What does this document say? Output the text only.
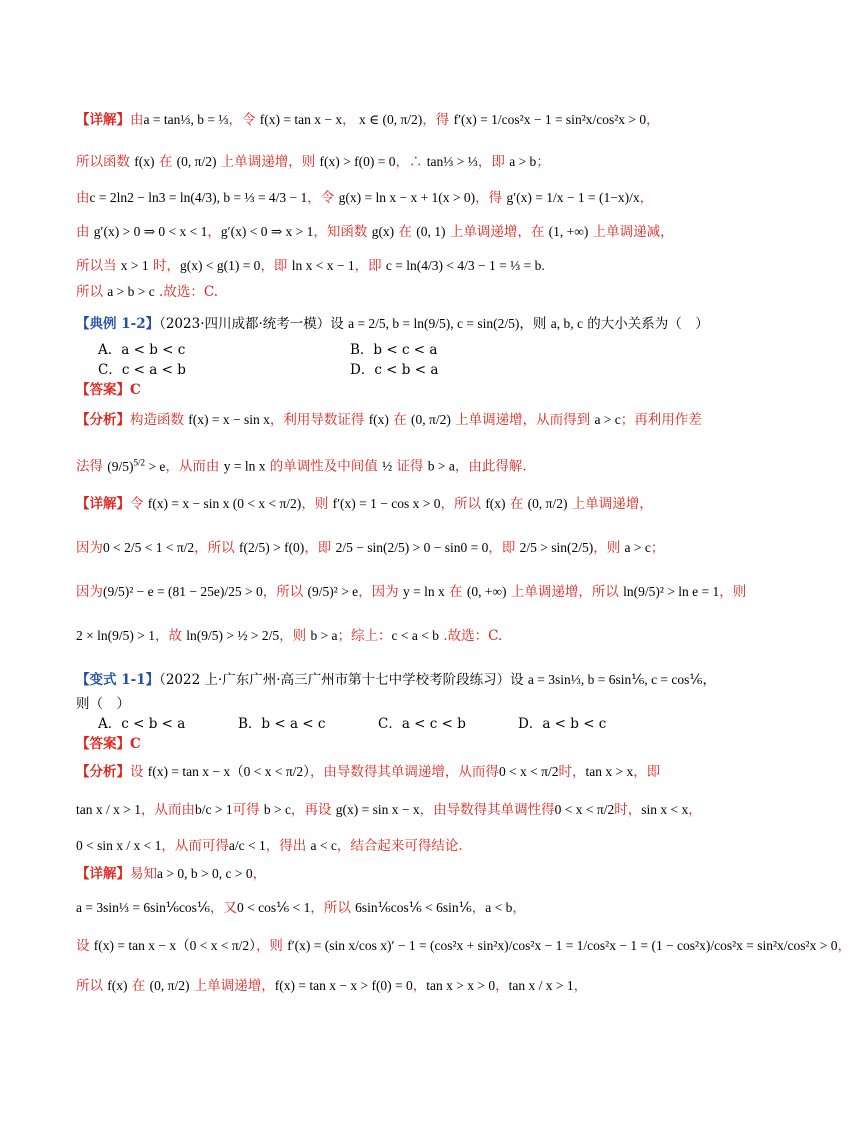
【详解】由a = tan⅓, b = ⅓，令 f(x) = tan x − x， x ∈ (0, π/2)，得 f′(x) = 1/cos²x − 1 = sin²x/cos²x > 0，
所以函数 f(x) 在 (0, π/2) 上单调递增，则 f(x) > f(0) = 0，∴ tan⅓ > ⅓，即 a > b；
由c = 2ln2 − ln3 = ln(4/3), b = ⅓ = 4/3 − 1，令 g(x) = ln x − x + 1(x > 0)，得 g′(x) = 1/x − 1 = (1−x)/x，
由 g′(x) > 0 ⇒ 0 < x < 1，g′(x) < 0 ⇒ x > 1，知函数 g(x) 在 (0, 1) 上单调递增，在 (1, +∞) 上单调递减，
所以当 x > 1 时，g(x) < g(1) = 0，即 ln x < x − 1，即 c = ln(4/3) < 4/3 − 1 = ⅓ = b.
所以 a > b > c .故选：C.
【典例 1-2】（2023·四川成都·统考一模）设 a = 2/5, b = ln(9/5), c = sin(2/5)，则 a, b, c 的大小关系为（　）
A．a < b < c	B．b < c < a
C．c < a < b	D．c < b < a
【答案】C
【分析】构造函数 f(x) = x − sin x，利用导数证得 f(x) 在 (0, π/2) 上单调递增，从而得到 a > c；再利用作差
法得 $(9/5)^{5/2} > e$，从而由 y = ln x 的单调性及中间值 ½ 证得 b > a，由此得解.
【详解】令 f(x) = x − sin x (0 < x < π/2)，则 f′(x) = 1 − cos x > 0，所以 f(x) 在 (0, π/2) 上单调递增，
因为0 < 2/5 < 1 < π/2，所以 f(2/5) > f(0)，即 2/5 − sin(2/5) > 0 − sin0 = 0，即 2/5 > sin(2/5)，则 a > c；
因为(9/5)² − e = (81 − 25e)/25 > 0，所以 (9/5)² > e，因为 y = ln x 在 (0, +∞) 上单调递增，所以 ln(9/5)² > ln e = 1，则
2 × ln(9/5) > 1，故 ln(9/5) > ½ > 2/5，则 b > a；综上：c < a < b .故选：C.
【变式 1-1】（2022 上·广东广州·高三广州市第十七中学校考阶段练习）设 a = 3sin⅓, b = 6sin⅙, c = cos⅙，
则（　）
A．c < b < a	B．b < a < c	C．a < c < b	D．a < b < c
【答案】C
【分析】设 f(x) = tan x − x（0 < x < π/2），由导数得其单调递增，从而得0 < x < π/2时，tan x > x，即
tan x / x > 1，从而由b/c > 1可得 b > c，再设 g(x) = sin x − x，由导数得其单调性得0 < x < π/2时，sin x < x，
0 < sin x / x < 1，从而可得a/c < 1，得出 a < c，结合起来可得结论.
【详解】易知a > 0, b > 0, c > 0，
a = 3sin⅓ = 6sin⅙cos⅙，又0 < cos⅙ < 1，所以 6sin⅙cos⅙ < 6sin⅙，a < b，
设 f(x) = tan x − x（0 < x < π/2），则 f′(x) = (sin x/cos x)′ − 1 = (cos²x + sin²x)/cos²x − 1 = 1/cos²x − 1 = (1 − cos²x)/cos²x = sin²x/cos²x > 0，
所以 f(x) 在 (0, π/2) 上单调递增，f(x) = tan x − x > f(0) = 0，tan x > x > 0，tan x / x > 1，
